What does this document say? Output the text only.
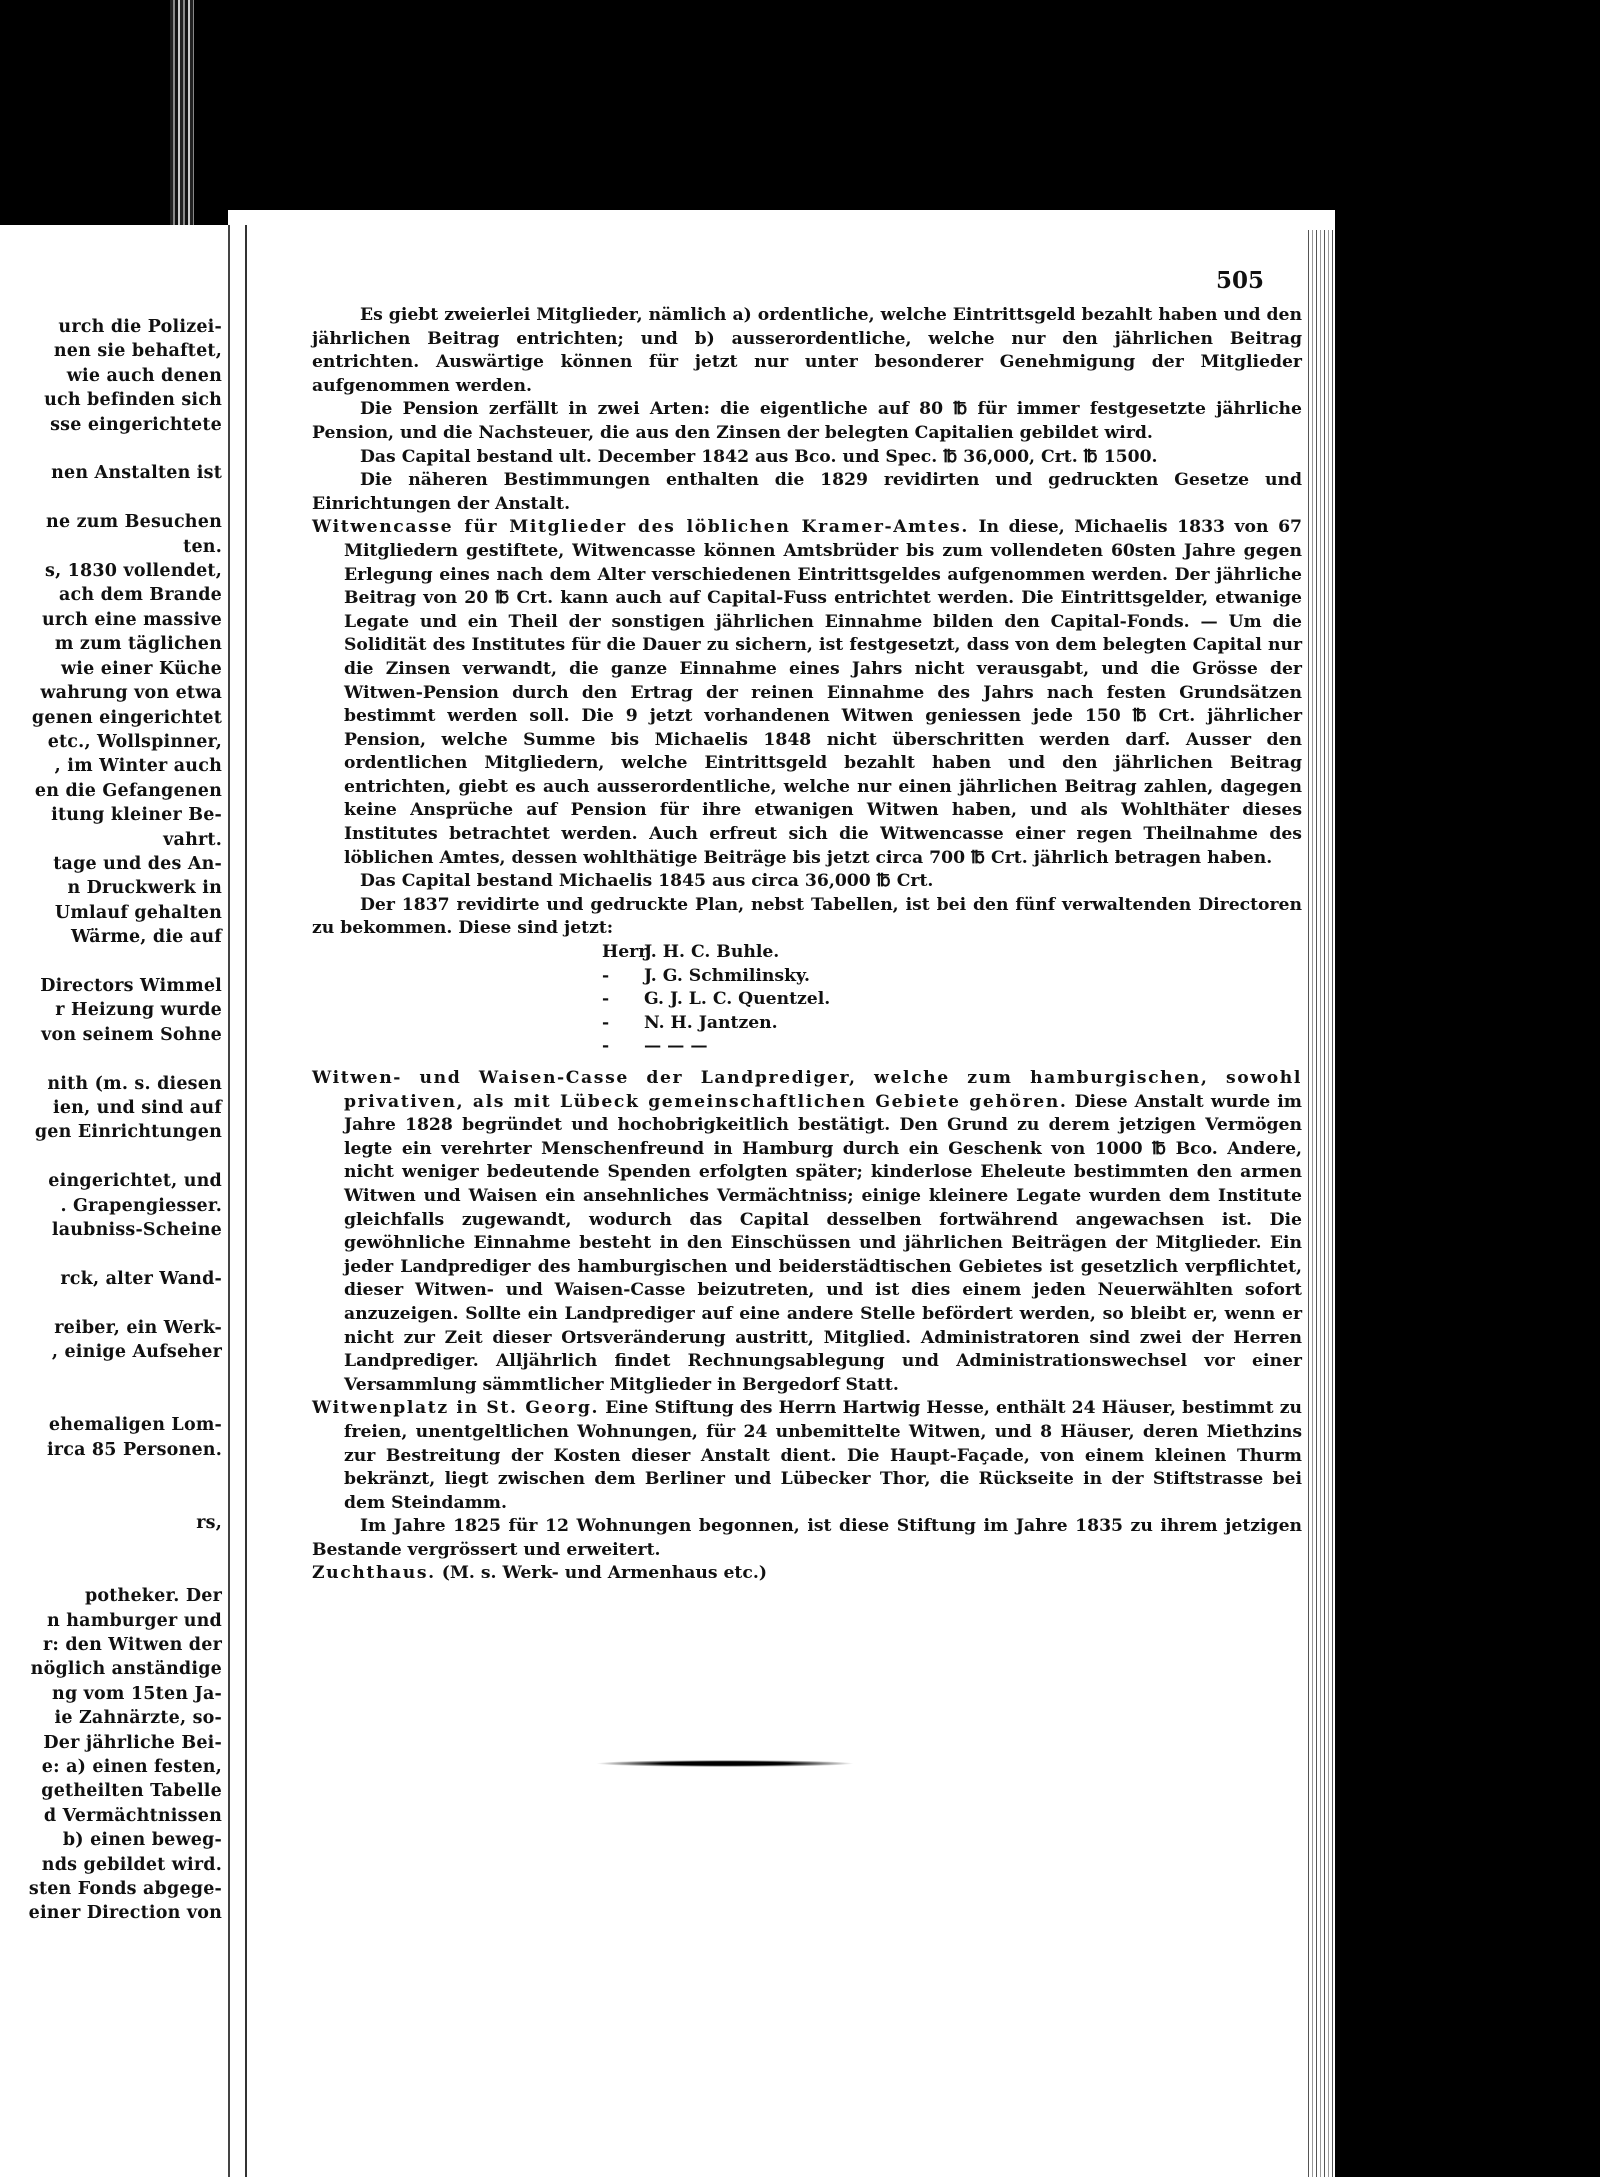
urch die Polizei-
nen sie behaftet,
wie auch denen
uch befinden sich
sse eingerichtete

nen Anstalten ist

ne zum Besuchen
ten.
s, 1830 vollendet,
ach dem Brande
urch eine massive
m zum täglichen
wie einer Küche
wahrung von etwa
genen eingerichtet
etc., Wollspinner,
, im Winter auch
en die Gefangenen
itung kleiner Be-
vahrt.
tage und des An-
n Druckwerk in
Umlauf gehalten
Wärme, die auf

Directors Wimmel
r Heizung wurde
von seinem Sohne

nith (m. s. diesen
ien, und sind auf
gen Einrichtungen

eingerichtet, und
. Grapengiesser.
laubniss-Scheine

rck, alter Wand-

reiber, ein Werk-
, einige Aufseher

ehemaligen Lom-
irca 85 Personen.

rs,

potheker. Der
n hamburger und
r: den Witwen der
nöglich anständige
ng vom 15ten Ja-
ie Zahnärzte, so-
Der jährliche Bei-
e: a) einen festen,
getheilten Tabelle
d Vermächtnissen
b) einen beweg-
nds gebildet wird.
sten Fonds abgege-
einer Direction von
505

Es giebt zweierlei Mitglieder, nämlich a) ordentliche, welche Eintrittsgeld bezahlt haben und den jährlichen Beitrag entrichten; und b) ausserordentliche, welche nur den jährlichen Beitrag entrichten. Auswärtige können für jetzt nur unter besonderer Genehmigung der Mitglieder aufgenommen werden.

Die Pension zerfällt in zwei Arten: die eigentliche auf 80 ℔ für immer festgesetzte jährliche Pension, und die Nachsteuer, die aus den Zinsen der belegten Capitalien gebildet wird.

Das Capital bestand ult. December 1842 aus Bco. und Spec. ℔ 36,000, Crt. ℔ 1500.

Die näheren Bestimmungen enthalten die 1829 revidirten und gedruckten Gesetze und Einrichtungen der Anstalt.

Witwencasse für Mitglieder des löblichen Kramer-Amtes. In diese, Michaelis 1833 von 67 Mitgliedern gestiftete, Witwencasse können Amtsbrüder bis zum vollendeten 60sten Jahre gegen Erlegung eines nach dem Alter verschiedenen Eintrittsgeldes aufgenommen werden. Der jährliche Beitrag von 20 ℔ Crt. kann auch auf Capital-Fuss entrichtet werden. Die Eintrittsgelder, etwanige Legate und ein Theil der sonstigen jährlichen Einnahme bilden den Capital-Fonds. — Um die Solidität des Institutes für die Dauer zu sichern, ist festgesetzt, dass von dem belegten Capital nur die Zinsen verwandt, die ganze Einnahme eines Jahrs nicht verausgabt, und die Grösse der Witwen-Pension durch den Ertrag der reinen Einnahme des Jahrs nach festen Grundsätzen bestimmt werden soll. Die 9 jetzt vorhandenen Witwen geniessen jede 150 ℔ Crt. jährlicher Pension, welche Summe bis Michaelis 1848 nicht überschritten werden darf. Ausser den ordentlichen Mitgliedern, welche Eintrittsgeld bezahlt haben und den jährlichen Beitrag entrichten, giebt es auch ausserordentliche, welche nur einen jährlichen Beitrag zahlen, dagegen keine Ansprüche auf Pension für ihre etwanigen Witwen haben, und als Wohlthäter dieses Institutes betrachtet werden. Auch erfreut sich die Witwencasse einer regen Theilnahme des löblichen Amtes, dessen wohlthätige Beiträge bis jetzt circa 700 ℔ Crt. jährlich betragen haben.

Das Capital bestand Michaelis 1845 aus circa 36,000 ℔ Crt.

Der 1837 revidirte und gedruckte Plan, nebst Tabellen, ist bei den fünf verwaltenden Directoren zu bekommen. Diese sind jetzt:

Herr J. H. C. Buhle.
- J. G. Schmilinsky.
- G. J. L. C. Quentzel.
- N. H. Jantzen.
- — — —

Witwen- und Waisen-Casse der Landprediger, welche zum hamburgischen, sowohl privativen, als mit Lübeck gemeinschaftlichen Gebiete gehören. Diese Anstalt wurde im Jahre 1828 begründet und hochobrigkeitlich bestätigt. Den Grund zu derem jetzigen Vermögen legte ein verehrter Menschenfreund in Hamburg durch ein Geschenk von 1000 ℔ Bco. Andere, nicht weniger bedeutende Spenden erfolgten später; kinderlose Eheleute bestimmten den armen Witwen und Waisen ein ansehnliches Vermächtniss; einige kleinere Legate wurden dem Institute gleichfalls zugewandt, wodurch das Capital desselben fortwährend angewachsen ist. Die gewöhnliche Einnahme besteht in den Einschüssen und jährlichen Beiträgen der Mitglieder. Ein jeder Landprediger des hamburgischen und beiderstädtischen Gebietes ist gesetzlich verpflichtet, dieser Witwen- und Waisen-Casse beizutreten, und ist dies einem jeden Neuerwählten sofort anzuzeigen. Sollte ein Landprediger auf eine andere Stelle befördert werden, so bleibt er, wenn er nicht zur Zeit dieser Ortsveränderung austritt, Mitglied. Administratoren sind zwei der Herren Landprediger. Alljährlich findet Rechnungsablegung und Administrationswechsel vor einer Versammlung sämmtlicher Mitglieder in Bergedorf Statt.

Witwenplatz in St. Georg. Eine Stiftung des Herrn Hartwig Hesse, enthält 24 Häuser, bestimmt zu freien, unentgeltlichen Wohnungen, für 24 unbemittelte Witwen, und 8 Häuser, deren Miethzins zur Bestreitung der Kosten dieser Anstalt dient. Die Haupt-Façade, von einem kleinen Thurm bekränzt, liegt zwischen dem Berliner und Lübecker Thor, die Rückseite in der Stiftstrasse bei dem Steindamm.

Im Jahre 1825 für 12 Wohnungen begonnen, ist diese Stiftung im Jahre 1835 zu ihrem jetzigen Bestande vergrössert und erweitert.

Zuchthaus. (M. s. Werk- und Armenhaus etc.)
